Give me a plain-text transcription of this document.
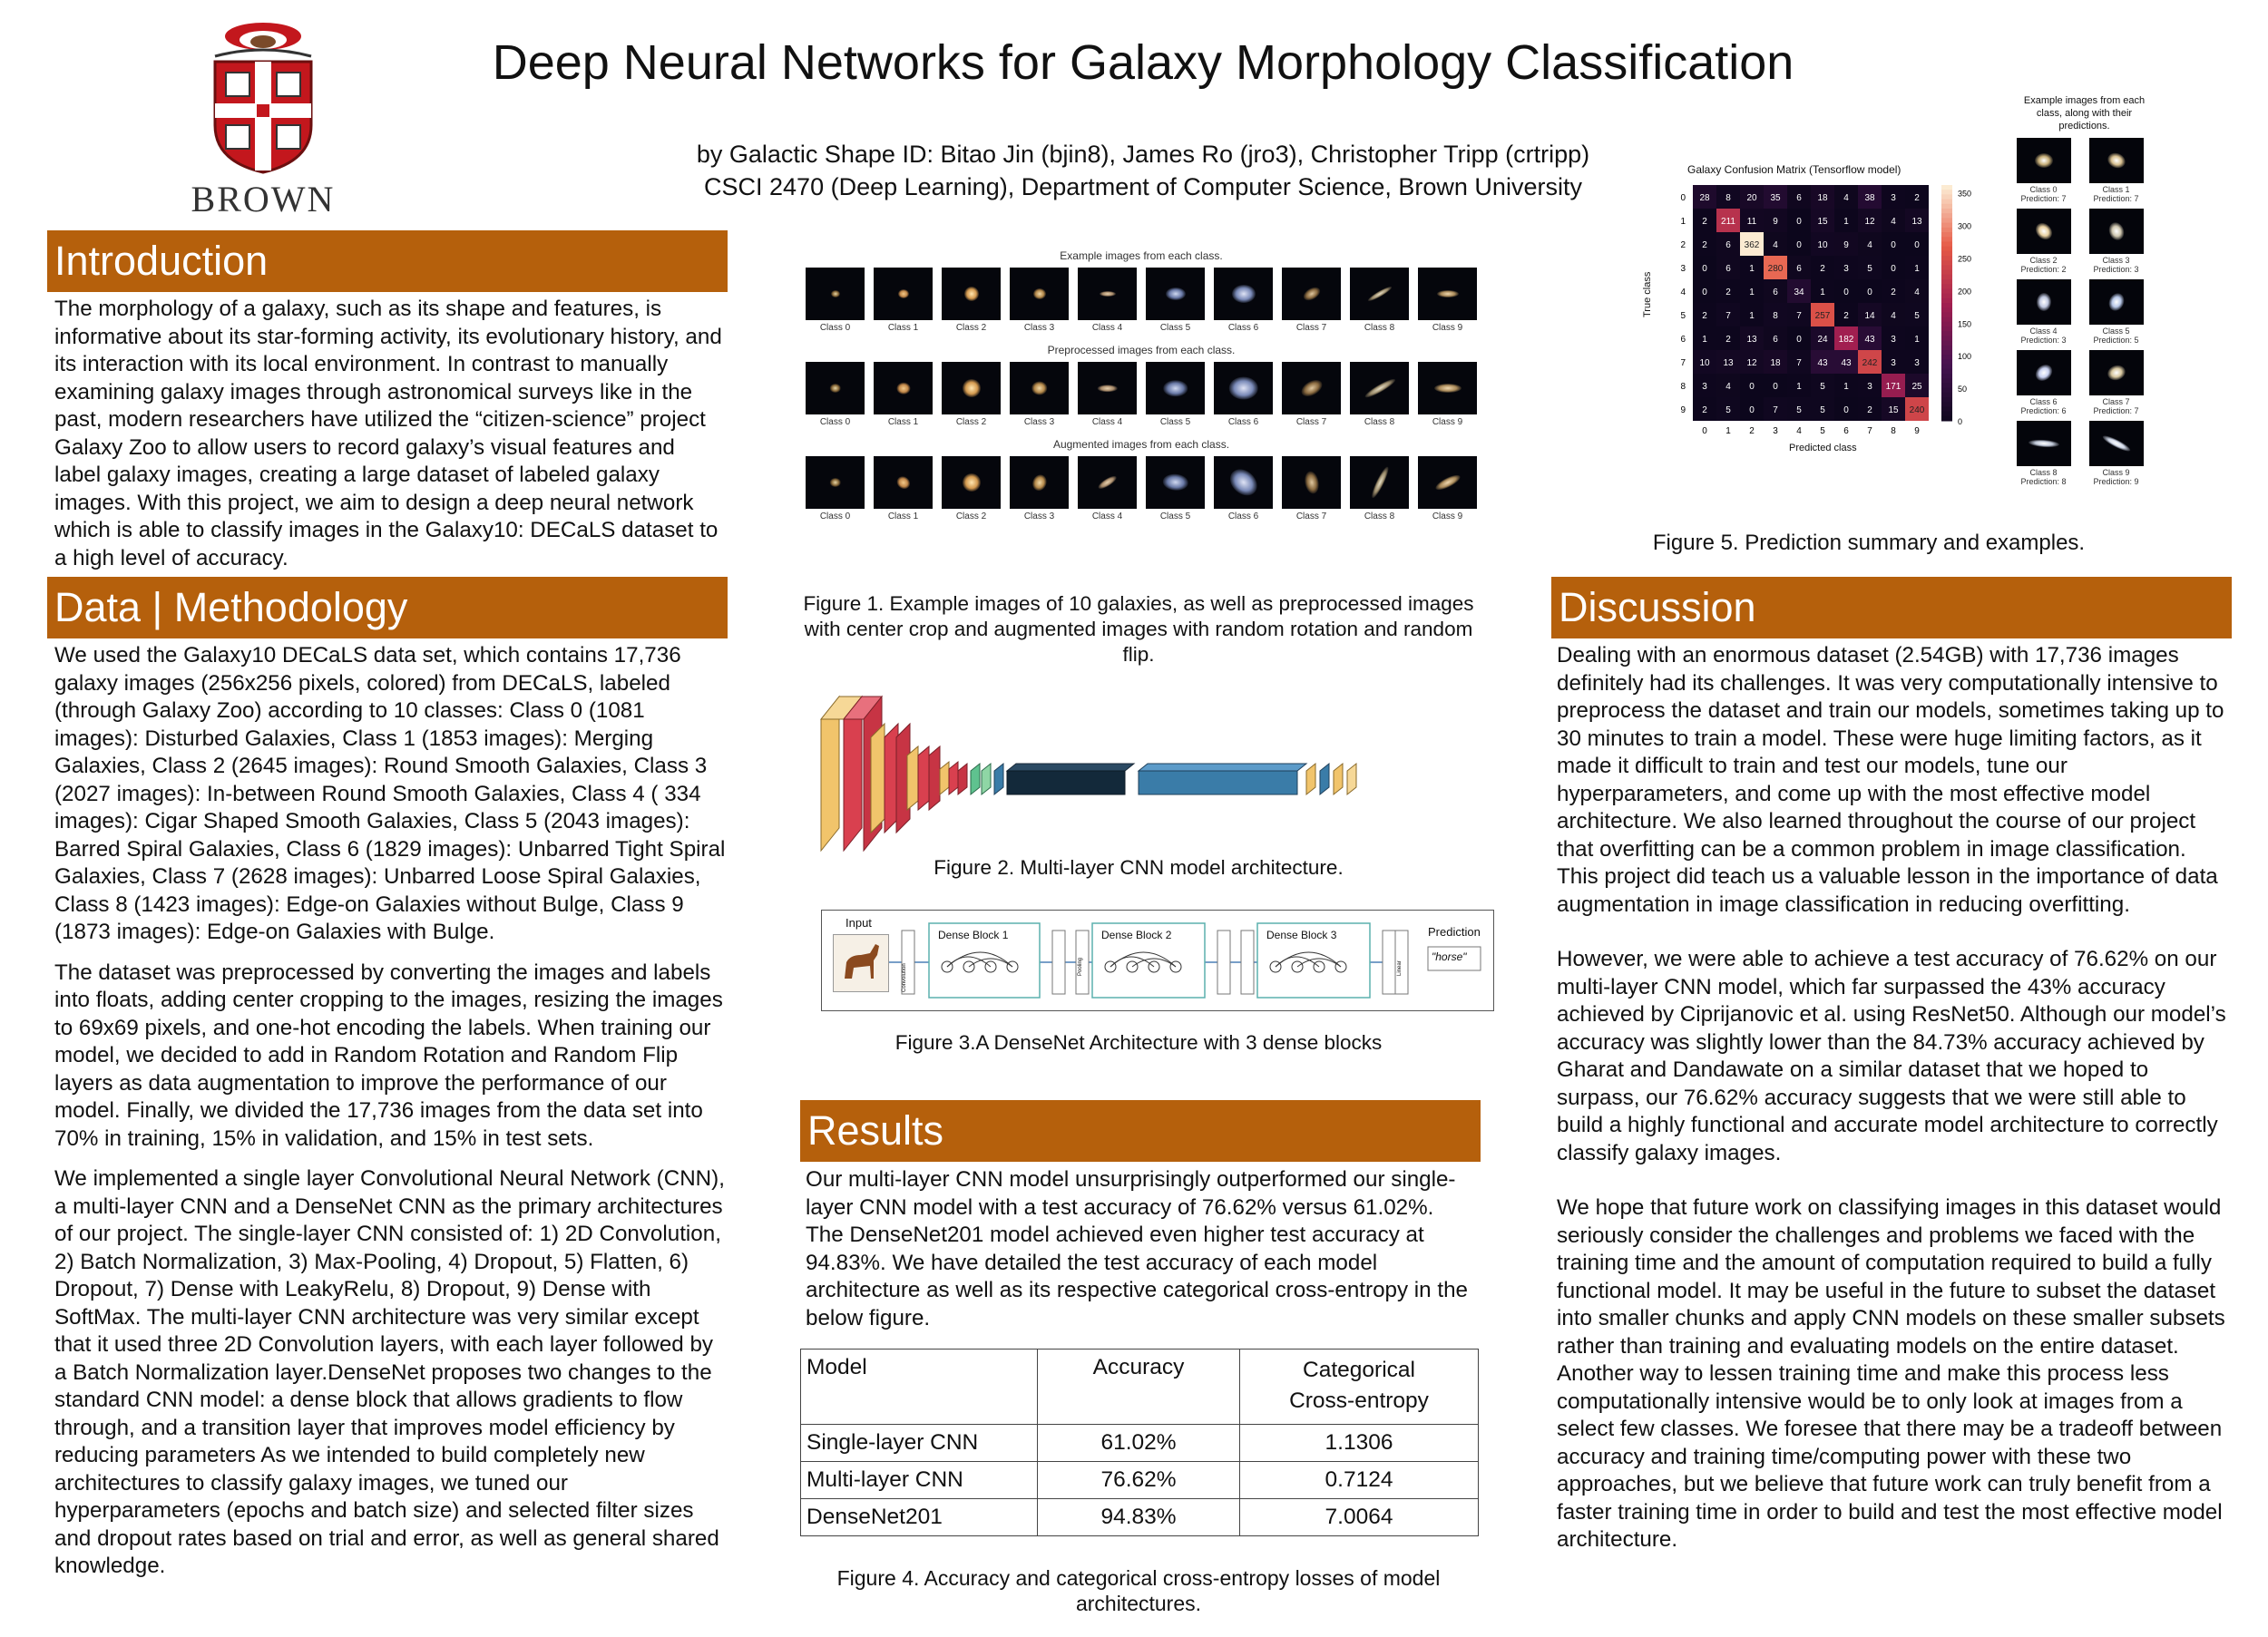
BROWN
Deep Neural Networks for Galaxy Morphology Classification
by Galactic Shape ID: Bitao Jin (bjin8), James Ro (jro3), Christopher Tripp (crtripp)
CSCI 2470 (Deep Learning), Department of Computer Science, Brown University
Introduction

The morphology of a galaxy, such as its shape and features, is informative about its star-forming activity, its evolutionary history, and its interaction with its local environment. In contrast to manually examining galaxy images through astronomical surveys like in the past, modern researchers have utilized the “citizen-science” project Galaxy Zoo to allow users to record galaxy’s visual features and label galaxy images, creating a large dataset of labeled galaxy images. With this project, we aim to design a deep neural network which is able to classify images in the Galaxy10: DECaLS dataset to a high level of accuracy.

Data | Methodology

We used the Galaxy10 DECaLS data set, which contains 17,736 galaxy images (256x256 pixels, colored) from DECaLS, labeled (through Galaxy Zoo) according to 10 classes: Class 0 (1081 images): Disturbed Galaxies, Class 1 (1853 images): Merging Galaxies, Class 2 (2645 images): Round Smooth Galaxies, Class 3 (2027 images): In-between Round Smooth Galaxies, Class 4 ( 334 images): Cigar Shaped Smooth Galaxies, Class 5 (2043 images): Barred Spiral Galaxies, Class 6 (1829 images): Unbarred Tight Spiral Galaxies, Class 7 (2628 images): Unbarred Loose Spiral Galaxies, Class 8 (1423 images): Edge-on Galaxies without Bulge, Class 9 (1873 images): Edge-on Galaxies with Bulge.

The dataset was preprocessed by converting the images and labels into floats, adding center cropping to the images, resizing the images to 69x69 pixels, and one-hot encoding the labels. When training our model, we decided to add in Random Rotation and Random Flip layers as data augmentation to improve the performance of our model. Finally, we divided the 17,736 images from the data set into 70% in training, 15% in validation, and 15% in test sets.

We implemented a single layer Convolutional Neural Network (CNN), a multi-layer CNN and a DenseNet CNN as the primary architectures of our project. The single-layer CNN consisted of: 1) 2D Convolution, 2) Batch Normalization, 3) Max-Pooling, 4) Dropout, 5) Flatten, 6) Dropout, 7) Dense with LeakyRelu, 8) Dropout, 9) Dense with SoftMax. The multi-layer CNN architecture was very similar except that it used three 2D Convolution layers, with each layer followed by a Batch Normalization layer.DenseNet proposes two changes to the standard CNN model: a dense block that allows gradients to flow through, and a transition layer that improves model efficiency by reducing parameters As we intended to build completely new architectures to classify galaxy images, we tuned our hyperparameters (epochs and batch size) and selected filter sizes and dropout rates based on trial and error, as well as general shared knowledge.

Example images from each class.
Class 0	Class 1	Class 2	Class 3	Class 4	Class 5	Class 6	Class 7	Class 8	Class 9
Preprocessed images from each class.
Class 0	Class 1	Class 2	Class 3	Class 4	Class 5	Class 6	Class 7	Class 8	Class 9
Augmented images from each class.
Class 0	Class 1	Class 2	Class 3	Class 4	Class 5	Class 6	Class 7	Class 8	Class 9
Figure 1. Example images of 10 galaxies, as well as preprocessed images with center crop and augmented images with random rotation and random flip.
Figure 2. Multi-layer CNN model architecture.
Input
Dense Block 1	Dense Block 2	Dense Block 3
Convolution	Pooling	Linear
Prediction
"horse"
Figure 3.A DenseNet Architecture with 3 dense blocks
Results

Our multi-layer CNN model unsurprisingly outperformed our single-layer CNN model with a test accuracy of 76.62% versus 61.02%. The DenseNet201 model achieved even higher test accuracy at 94.83%. We have detailed the test accuracy of each model architecture as well as its respective categorical cross-entropy in the below figure.

Model	Accuracy	Categorical Cross-entropy
Single-layer CNN	61.02%	1.1306
Multi-layer CNN	76.62%	0.7124
DenseNet201	94.83%	7.0064
Figure 4. Accuracy and categorical cross-entropy losses of model architectures.
Galaxy Confusion Matrix (Tensorflow model)
True class
28 8 20 35 6 18 4 38 3 2
2 211 11 9 0 15 1 12 4 13
2 6 362 4 0 10 9 4 0 0
0 6 1 280 6 2 3 5 0 1
0 2 1 6 34 1 0 0 2 4
2 7 1 8 7 257 2 14 4 5
1 2 13 6 0 24 182 43 3 1
10 13 12 18 7 43 43 242 3 3
3 4 0 0 1 5 1 3 171 25
2 5 0 7 5 5 0 2 15 240
0 1 2 3 4 5 6 7 8 9
0
1
2
3
4
5
6
7
8
9
350
300
250
200
150
100
50
0
Predicted class
Example images from each class, along with their predictions.
Class 0
Prediction: 7
Class 1
Prediction: 7
Class 2
Prediction: 2
Class 3
Prediction: 3
Class 4
Prediction: 3
Class 5
Prediction: 5
Class 6
Prediction: 6
Class 7
Prediction: 7
Class 8
Prediction: 8
Class 9
Prediction: 9
Figure 5. Prediction summary and examples.
Discussion

Dealing with an enormous dataset (2.54GB) with 17,736 images definitely had its challenges. It was very computationally intensive to preprocess the dataset and train our models, sometimes taking up to 30 minutes to train a model. These were huge limiting factors, as it made it difficult to train and test our models, tune our hyperparameters, and come up with the most effective model architecture. We also learned throughout the course of our project that overfitting can be a common problem in image classification. This project did teach us a valuable lesson in the importance of data augmentation in image classification in reducing overfitting.

However, we were able to achieve a test accuracy of 76.62% on our multi-layer CNN model, which far surpassed the 43% accuracy achieved by Ciprijanovic et al. using ResNet50. Although our model’s accuracy was slightly lower than the 84.73% accuracy achieved by Gharat and Dandawate on a similar dataset that we hoped to surpass, our 76.62% accuracy suggests that we were still able to build a highly functional and accurate model architecture to correctly classify galaxy images.

We hope that future work on classifying images in this dataset would seriously consider the challenges and problems we faced with the training time and the amount of computation required to build a fully functional model. It may be useful in the future to subset the dataset into smaller chunks and apply CNN models on these smaller subsets rather than training and evaluating models on the entire dataset. Another way to lessen training time and make this process less computationally intensive would be to only look at images from a select few classes. We foresee that there may be a tradeoff between accuracy and training time/computing power with these two approaches, but we believe that future work can truly benefit from a faster training time in order to build and test the most effective model architecture.
